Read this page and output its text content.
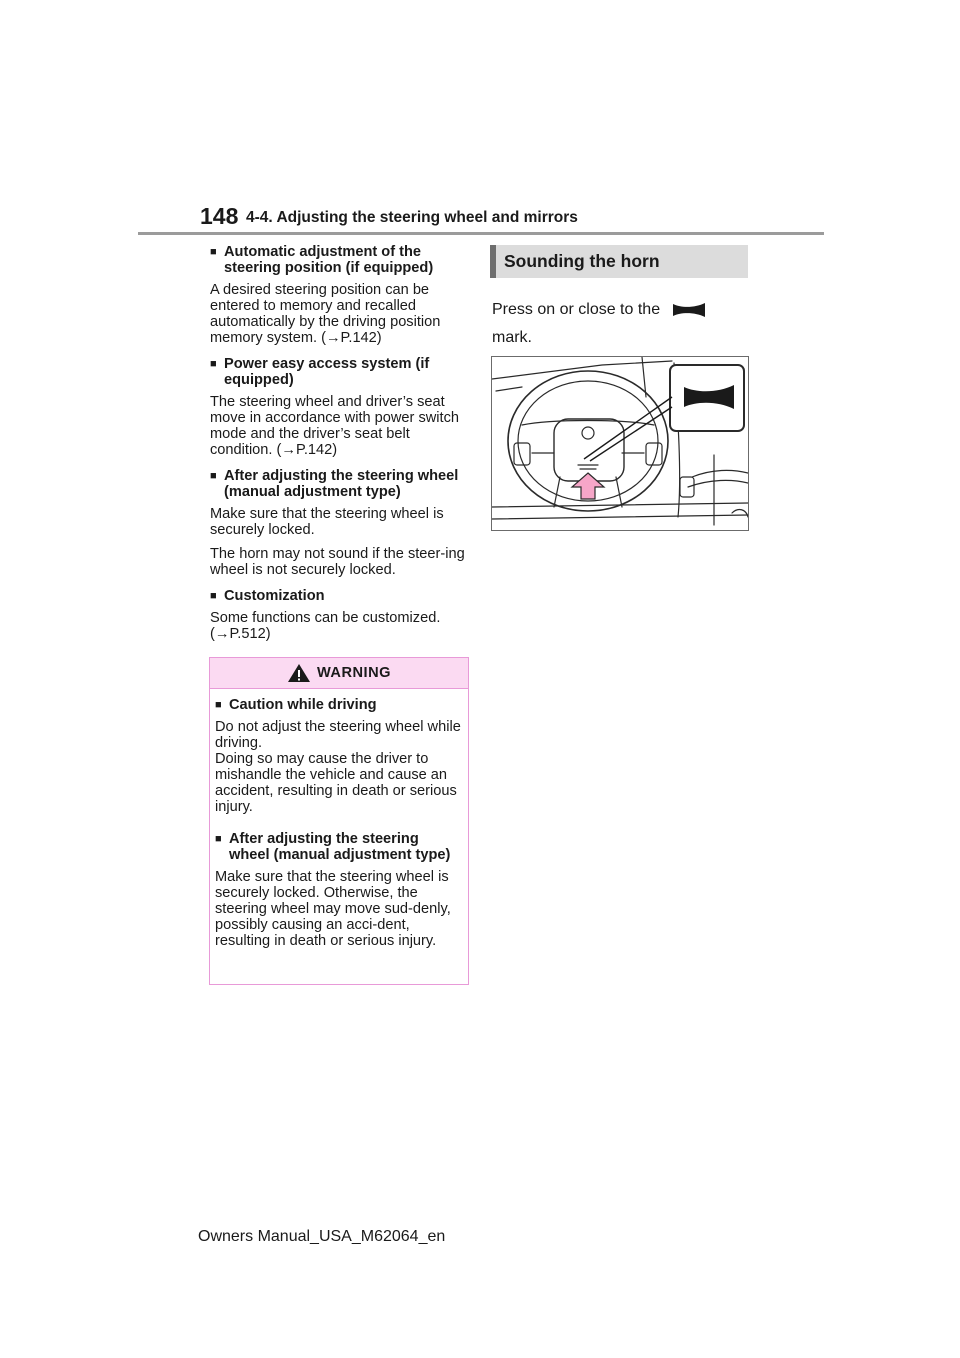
148 4-4. Adjusting the steering wheel and mirrors
■ Automatic adjustment of the steering position (if equipped)
A desired steering position can be entered to memory and recalled automatically by the driving position memory system. (→P.142)
■ Power easy access system (if equipped)
The steering wheel and driver’s seat move in accordance with power switch mode and the driver’s seat belt condition. (→P.142)
■ After adjusting the steering wheel (manual adjustment type)
Make sure that the steering wheel is securely locked.
The horn may not sound if the steer-ing wheel is not securely locked.
■ Customization
Some functions can be customized. (→P.512)
WARNING
■ Caution while driving
Do not adjust the steering wheel while driving.
Doing so may cause the driver to mishandle the vehicle and cause an accident, resulting in death or serious injury.
■ After adjusting the steering wheel (manual adjustment type)
Make sure that the steering wheel is securely locked. Otherwise, the steering wheel may move sud-denly, possibly causing an acci-dent, resulting in death or serious injury.
Sounding the horn
Press on or close to the
mark.
Owners Manual_USA_M62064_en
